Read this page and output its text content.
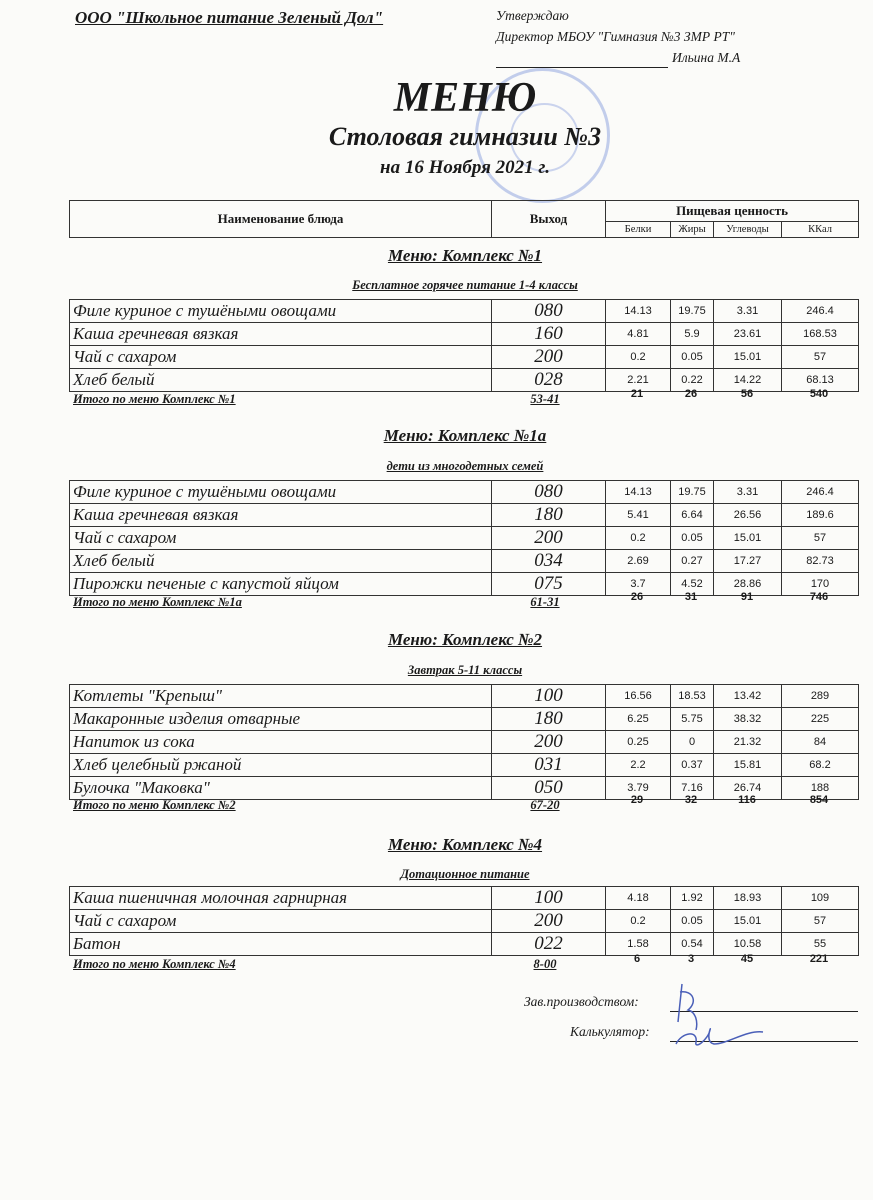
ООО "Школьное питание Зеленый Дол"	Утверждаю
Директор МБОУ "Гимназия №3 ЗМР РТ"
Ильина М.А
МЕНЮ
Столовая гимназии №3
на 16 Ноября 2021 г.
Наименование блюда	Выход	Пищевая ценность			
		Белки	Жиры	Углеводы	ККал
Меню: Комплекс №1
Бесплатное горячее питание 1-4 классы
Филе куриное с тушёными овощами	080	14.13	19.75	3.31	246.4
Каша гречневая вязкая	160	4.81	5.9	23.61	168.53
Чай с сахаром	200	0.2	0.05	15.01	57
Хлеб белый	028	2.21	0.22	14.22	68.13
Итого по меню Комплекс №1	53-41	21	26	56	540
Меню: Комплекс №1а
дети из многодетных семей
Филе куриное с тушёными овощами	080	14.13	19.75	3.31	246.4
Каша гречневая вязкая	180	5.41	6.64	26.56	189.6
Чай с сахаром	200	0.2	0.05	15.01	57
Хлеб белый	034	2.69	0.27	17.27	82.73
Пирожки печеные с капустой яйцом	075	3.7	4.52	28.86	170
Итого по меню Комплекс №1а	61-31	26	31	91	746
Меню: Комплекс №2
Завтрак 5-11 классы
Котлеты "Крепыш"	100	16.56	18.53	13.42	289
Макаронные изделия отварные	180	6.25	5.75	38.32	225
Напиток из сока	200	0.25	0	21.32	84
Хлеб целебный ржаной	031	2.2	0.37	15.81	68.2
Булочка "Маковка"	050	3.79	7.16	26.74	188
Итого по меню Комплекс №2	67-20	29	32	116	854
Меню: Комплекс №4
Дотационное питание
Каша пшеничная молочная гарнирная	100	4.18	1.92	18.93	109
Чай с сахаром	200	0.2	0.05	15.01	57
Батон	022	1.58	0.54	10.58	55
Итого по меню Комплекс №4	8-00	6	3	45	221
Зав.производством:
Калькулятор:
